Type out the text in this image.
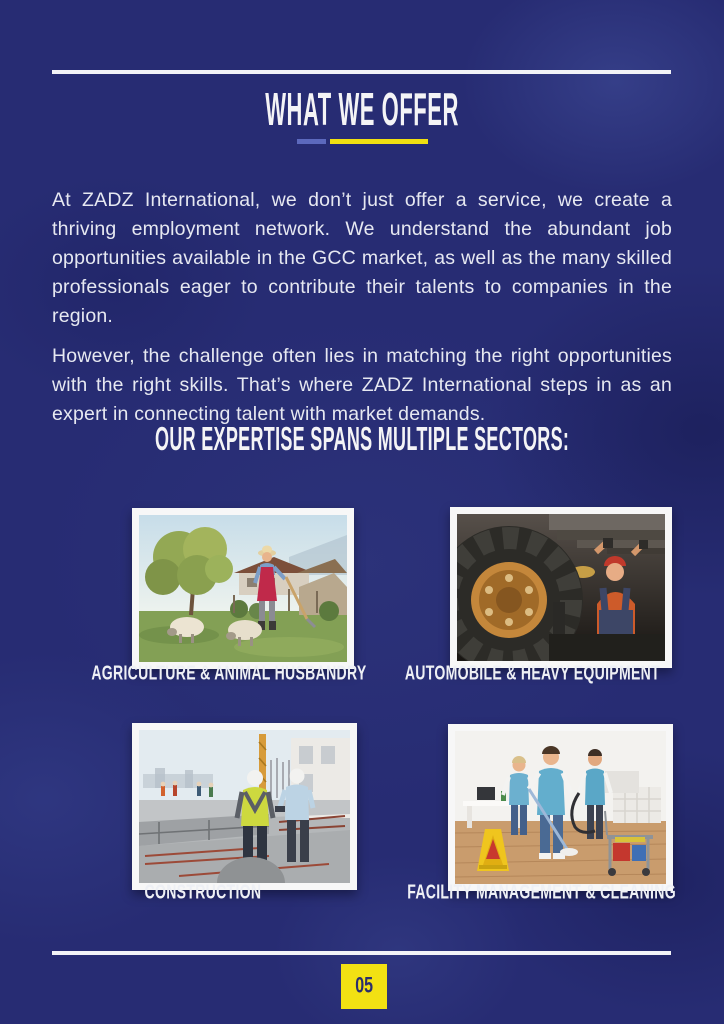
WHAT WE OFFER

At ZADZ International, we don’t just offer a service, we create a thriving employment network. We understand the abundant job opportunities available in the GCC market, as well as the many skilled professionals eager to contribute their talents to companies in the region.

However, the challenge often lies in matching the right opportunities with the right skills. That’s where ZADZ International steps in as an expert in connecting talent with market demands.

OUR EXPERTISE SPANS MULTIPLE SECTORS:
AGRICULTURE & ANIMAL HUSBANDRY	AUTOMOBILE & HEAVY EQUIPMENT
CONSTRUCTION	FACILITY MANAGEMENT & CLEANING
05
